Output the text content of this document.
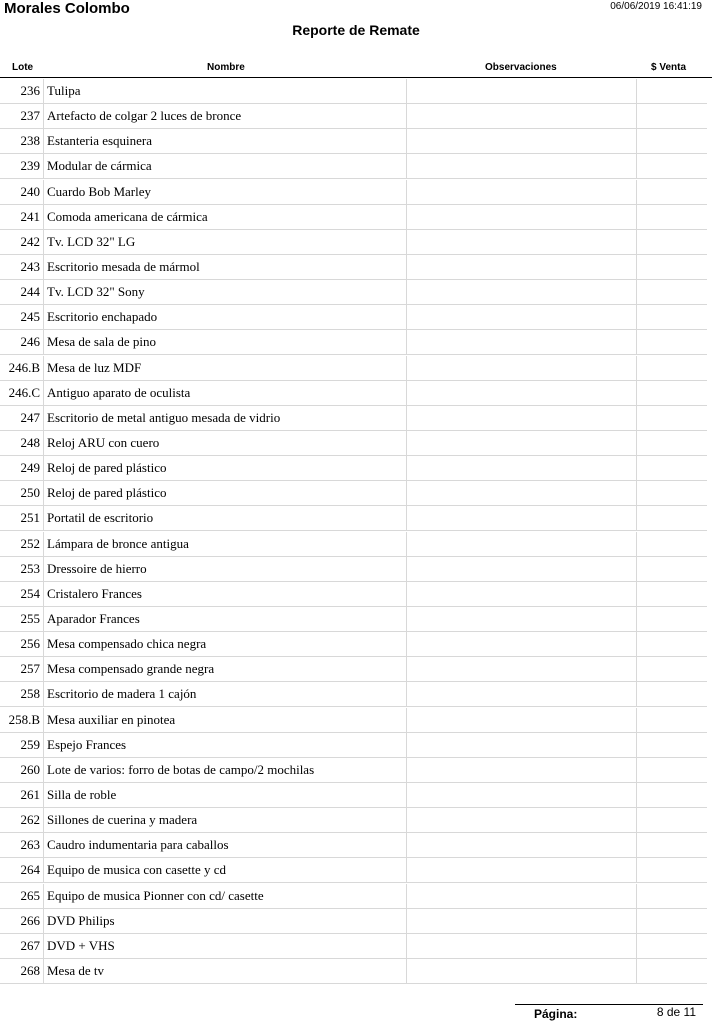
Morales Colombo	06/06/2019 16:41:19
Reporte de Remate
Lote	Nombre	Observaciones	$ Venta
236 Tulipa
237 Artefacto de colgar 2 luces de bronce
238 Estanteria esquinera
239 Modular de cármica
240 Cuardo Bob Marley
241 Comoda americana de cármica
242 Tv. LCD 32" LG
243 Escritorio mesada de mármol
244 Tv. LCD 32" Sony
245 Escritorio enchapado
246 Mesa de sala de pino
246.B Mesa de luz MDF
246.C Antiguo aparato de oculista
247 Escritorio de metal antiguo mesada de vidrio
248 Reloj ARU con cuero
249 Reloj de pared plástico
250 Reloj de pared plástico
251 Portatil de escritorio
252 Lámpara de bronce antigua
253 Dressoire de hierro
254 Cristalero Frances
255 Aparador Frances
256 Mesa compensado chica negra
257 Mesa compensado grande negra
258 Escritorio de madera 1 cajón
258.B Mesa auxiliar en pinotea
259 Espejo Frances
260 Lote de varios: forro de botas de campo/2 mochilas
261 Silla de roble
262 Sillones de cuerina y madera
263 Caudro indumentaria para caballos
264 Equipo de musica con casette y cd
265 Equipo de musica Pionner con cd/ casette
266 DVD Philips
267 DVD + VHS
268 Mesa de tv
Página:	8 de 11
